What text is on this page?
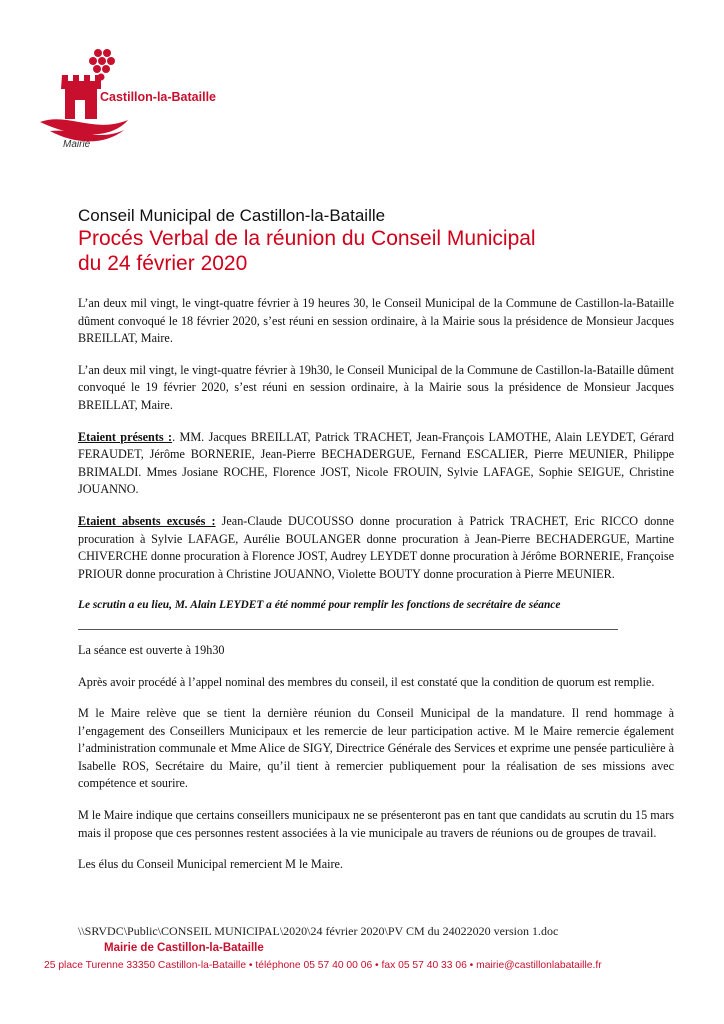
Castillon-la-Bataille
Mairie
Conseil Municipal de Castillon-la-Bataille
Procés Verbal de la réunion du Conseil Municipal
du 24 février 2020

L’an deux mil vingt, le vingt-quatre février à 19 heures 30, le Conseil Municipal de la Commune de Castillon-la-Bataille dûment convoqué le 18 février 2020, s’est réuni en session ordinaire, à la Mairie sous la présidence de Monsieur Jacques BREILLAT, Maire.

L’an deux mil vingt, le vingt-quatre février à 19h30, le Conseil Municipal de la Commune de Castillon-la-Bataille dûment convoqué le 19 février 2020, s’est réuni en session ordinaire, à la Mairie sous la présidence de Monsieur Jacques BREILLAT, Maire.

Etaient présents :. MM. Jacques BREILLAT, Patrick TRACHET, Jean-François LAMOTHE, Alain LEYDET, Gérard FERAUDET, Jérôme BORNERIE, Jean-Pierre BECHADERGUE, Fernand ESCALIER, Pierre MEUNIER, Philippe BRIMALDI. Mmes Josiane ROCHE, Florence JOST, Nicole FROUIN, Sylvie LAFAGE, Sophie SEIGUE, Christine JOUANNO.

Etaient absents excusés : Jean-Claude DUCOUSSO donne procuration à Patrick TRACHET, Eric RICCO donne procuration à Sylvie LAFAGE, Aurélie BOULANGER donne procuration à Jean-Pierre BECHADERGUE, Martine CHIVERCHE donne procuration à Florence JOST, Audrey LEYDET donne procuration à Jérôme BORNERIE, Françoise PRIOUR donne procuration à Christine JOUANNO, Violette BOUTY donne procuration à Pierre MEUNIER.

Le scrutin a eu lieu, M. Alain LEYDET a été nommé pour remplir les fonctions de secrétaire de séance

La séance est ouverte à 19h30

Après avoir procédé à l’appel nominal des membres du conseil, il est constaté que la condition de quorum est remplie.

M le Maire relève que se tient la dernière réunion du Conseil Municipal de la mandature. Il rend hommage à l’engagement des Conseillers Municipaux et les remercie de leur participation active. M le Maire remercie également l’administration communale et Mme Alice de SIGY, Directrice Générale des Services et exprime une pensée particulière à Isabelle ROS, Secrétaire du Maire, qu’il tient à remercier publiquement pour la réalisation de ses missions avec compétence et sourire.

M le Maire indique que certains conseillers municipaux ne se présenteront pas en tant que candidats au scrutin du 15 mars mais il propose que ces personnes restent associées à la vie municipale au travers de réunions ou de groupes de travail.

Les élus du Conseil Municipal remercient M le Maire.

\\SRVDC\Public\CONSEIL MUNICIPAL\2020\24 février 2020\PV CM du 24022020 version 1.doc
Mairie de Castillon-la-Bataille
25 place Turenne 33350 Castillon-la-Bataille • téléphone 05 57 40 00 06 • fax 05 57 40 33 06 • mairie@castillonlabataille.fr
